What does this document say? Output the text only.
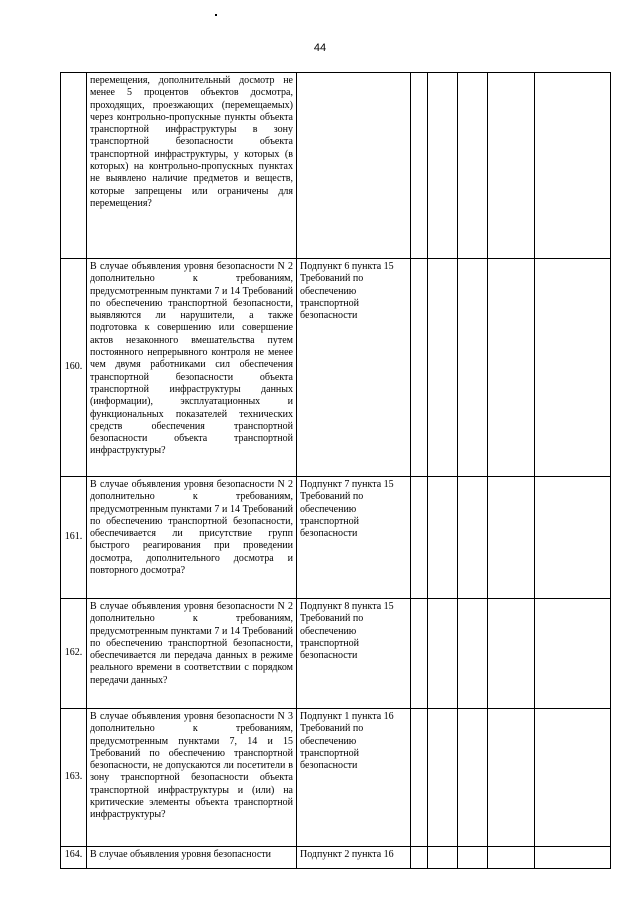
44
	перемещения, дополнительный досмотр не менее 5 процентов объектов досмотра, проходящих, проезжающих (перемещаемых) через контрольно-пропускные пункты объекта транспортной инфраструктуры в зону транспортной безопасности объекта транспортной инфраструктуры, у которых (в которых) на контрольно-пропускных пунктах не выявлено наличие предметов и веществ, которые запрещены или ограничены для перемещения?						
160.	В случае объявления уровня безопасности N 2 дополнительно к требованиям, предусмотренным пунктами 7 и 14 Требований по обеспечению транспортной безопасности, выявляются ли нарушители, а также подготовка к совершению или совершение актов незаконного вмешательства путем постоянного непрерывного контроля не менее чем двумя работниками сил обеспечения транспортной безопасности объекта транспортной инфраструктуры данных (информации), эксплуатационных и функциональных показателей технических средств обеспечения транспортной безопасности объекта транспортной инфраструктуры?	Подпункт 6 пункта 15 Требований по обеспечению транспортной безопасности					
161.	В случае объявления уровня безопасности N 2 дополнительно к требованиям, предусмотренным пунктами 7 и 14 Требований по обеспечению транспортной безопасности, обеспечивается ли присутствие групп быстрого реагирования при проведении досмотра, дополнительного досмотра и повторного досмотра?	Подпункт 7 пункта 15 Требований по обеспечению транспортной безопасности					
162.	В случае объявления уровня безопасности N 2 дополнительно к требованиям, предусмотренным пунктами 7 и 14 Требований по обеспечению транспортной безопасности, обеспечивается ли передача данных в режиме реального времени в соответствии с порядком передачи данных?	Подпункт 8 пункта 15 Требований по обеспечению транспортной безопасности					
163.	В случае объявления уровня безопасности N 3 дополнительно к требованиям, предусмотренным пунктами 7, 14 и 15 Требований по обеспечению транспортной безопасности, не допускаются ли посетители в зону транспортной безопасности объекта транспортной инфраструктуры и (или) на критические элементы объекта транспортной инфраструктуры?	Подпункт 1 пункта 16 Требований по обеспечению транспортной безопасности					
164.	В случае объявления уровня безопасности	Подпункт 2 пункта 16					
